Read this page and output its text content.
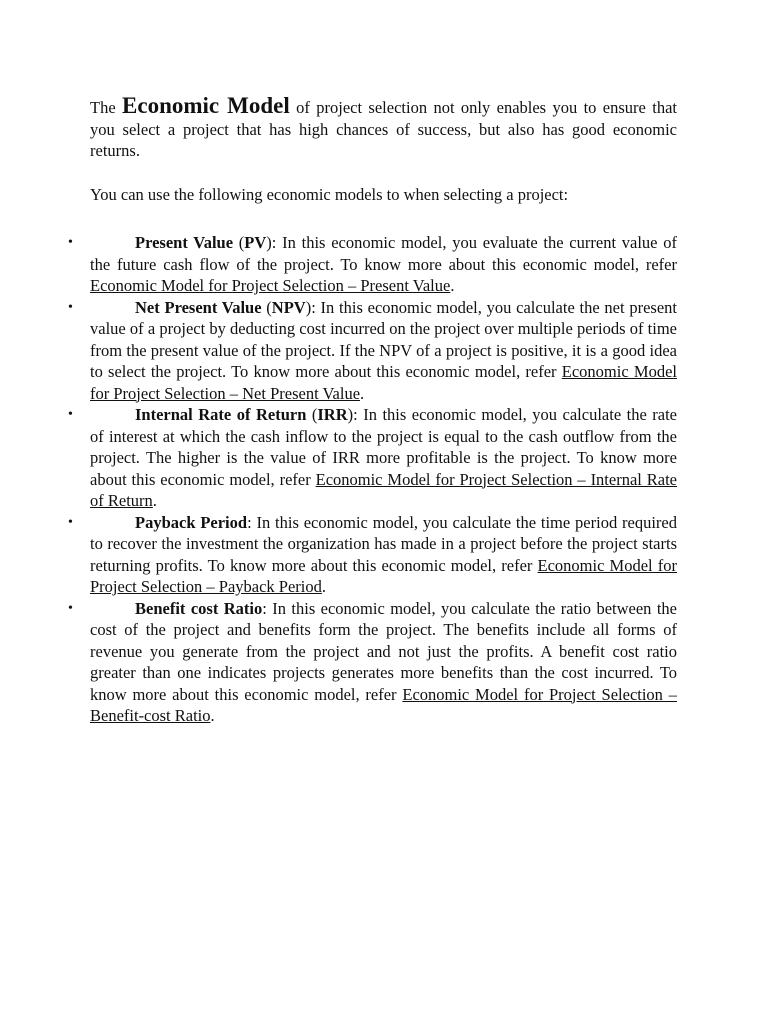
The Economic Model of project selection not only enables you to ensure that you select a project that has high chances of success, but also has good economic returns.

You can use the following economic models to when selecting a project:

•	Present Value (PV): In this economic model, you evaluate the current value of the future cash flow of the project. To know more about this economic model, refer Economic Model for Project Selection – Present Value.
•	Net Present Value (NPV): In this economic model, you calculate the net present value of a project by deducting cost incurred on the project over multiple periods of time from the present value of the project. If the NPV of a project is positive, it is a good idea to select the project. To know more about this economic model, refer Economic Model for Project Selection – Net Present Value.
•	Internal Rate of Return (IRR): In this economic model, you calculate the rate of interest at which the cash inflow to the project is equal to the cash outflow from the project. The higher is the value of IRR more profitable is the project. To know more about this economic model, refer Economic Model for Project Selection – Internal Rate of Return.
•	Payback Period: In this economic model, you calculate the time period required to recover the investment the organization has made in a project before the project starts returning profits. To know more about this economic model, refer Economic Model for Project Selection – Payback Period.
•	Benefit cost Ratio: In this economic model, you calculate the ratio between the cost of the project and benefits form the project. The benefits include all forms of revenue you generate from the project and not just the profits. A benefit cost ratio greater than one indicates projects generates more benefits than the cost incurred. To know more about this economic model, refer Economic Model for Project Selection – Benefit-cost Ratio.
